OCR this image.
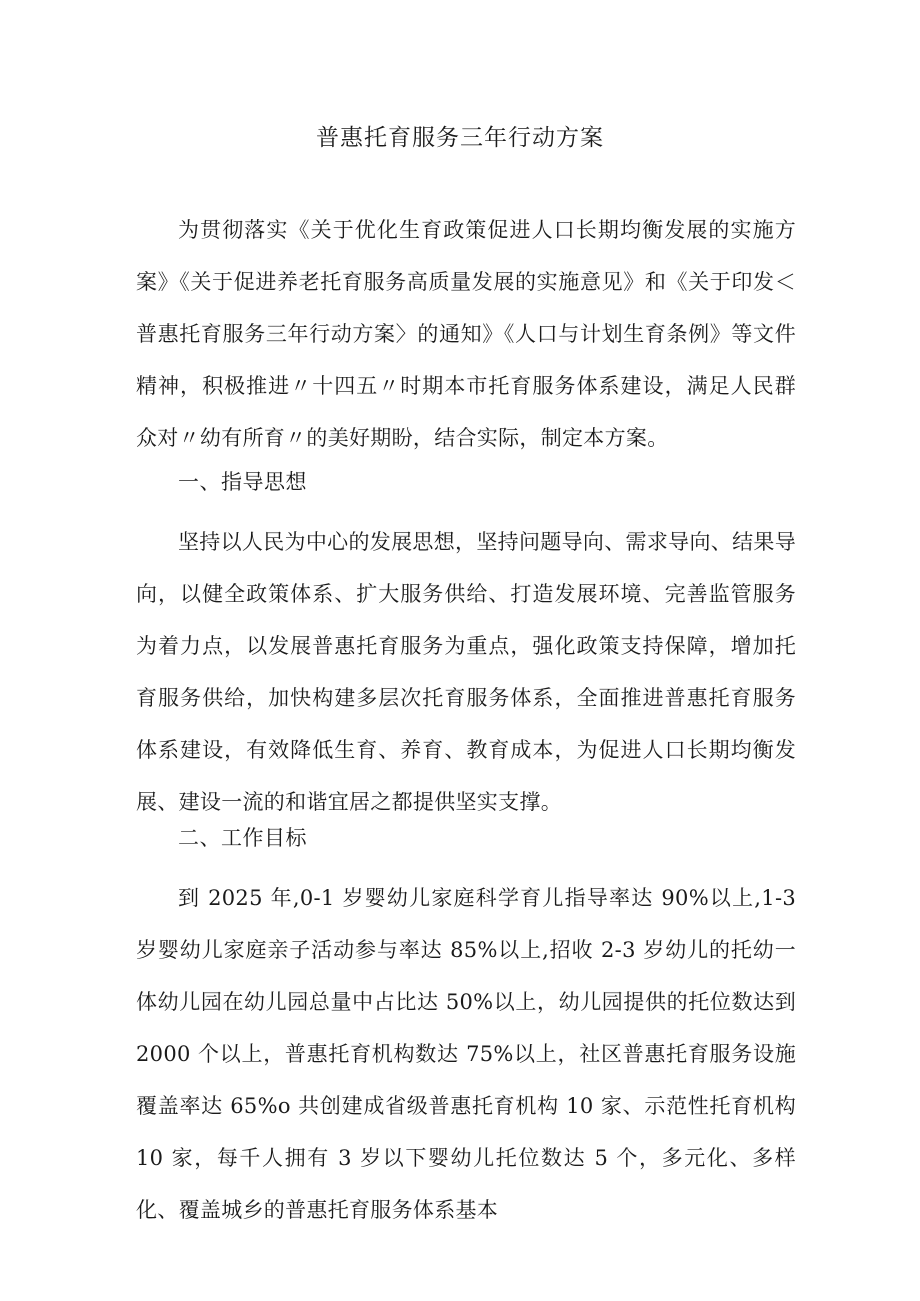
普惠托育服务三年行动方案

为贯彻落实《关于优化生育政策促进人口长期均衡发展的实施方案》《关于促进养老托育服务高质量发展的实施意见》和《关于印发＜普惠托育服务三年行动方案〉的通知》《人口与计划生育条例》等文件精神，积极推进〃十四五〃时期本市托育服务体系建设，满足人民群众对〃幼有所育〃的美好期盼，结合实际，制定本方案。

一、指导思想

坚持以人民为中心的发展思想，坚持问题导向、需求导向、结果导向，以健全政策体系、扩大服务供给、打造发展环境、完善监管服务为着力点，以发展普惠托育服务为重点，强化政策支持保障，增加托育服务供给，加快构建多层次托育服务体系，全面推进普惠托育服务体系建设，有效降低生育、养育、教育成本，为促进人口长期均衡发展、建设一流的和谐宜居之都提供坚实支撑。

二、工作目标

到 2025 年,0-1 岁婴幼儿家庭科学育儿指导率达 90%以上,1-3 岁婴幼儿家庭亲子活动参与率达 85%以上,招收 2-3 岁幼儿的托幼一体幼儿园在幼儿园总量中占比达 50%以上，幼儿园提供的托位数达到 2000 个以上，普惠托育机构数达 75%以上，社区普惠托育服务设施覆盖率达 65%o 共创建成省级普惠托育机构 10 家、示范性托育机构 10 家，每千人拥有 3 岁以下婴幼儿托位数达 5 个，多元化、多样化、覆盖城乡的普惠托育服务体系基本
